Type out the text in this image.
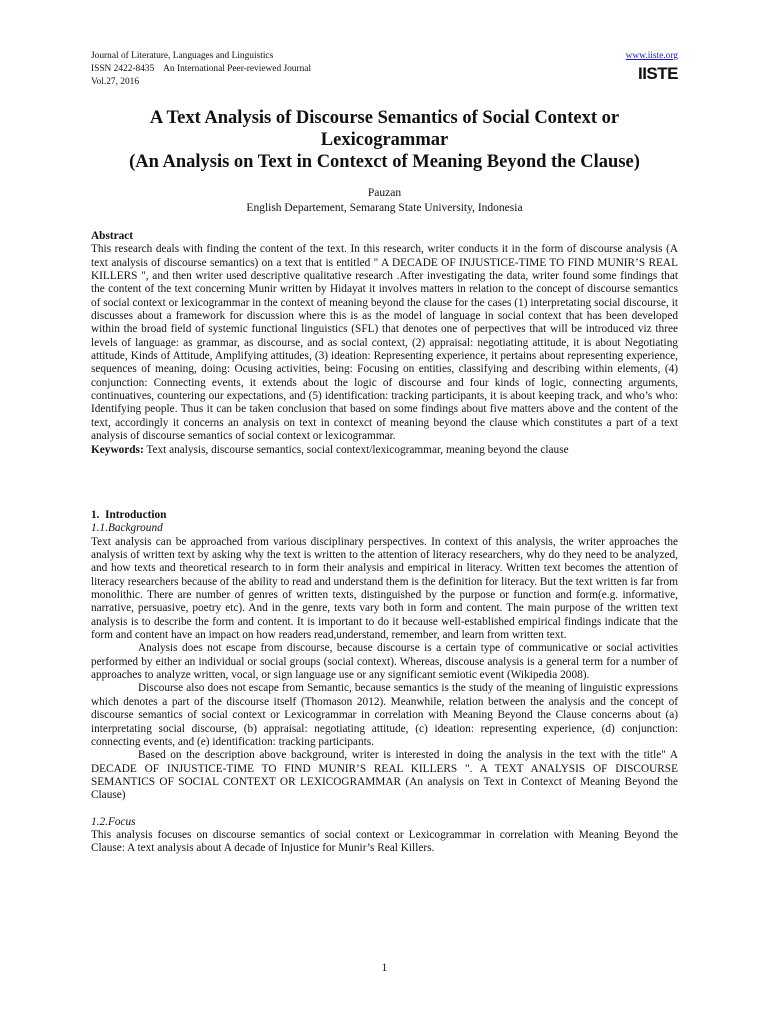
Journal of Literature, Languages and Linguistics
ISSN 2422-8435    An International Peer-reviewed Journal
Vol.27, 2016
www.iiste.org
IISTE
A Text Analysis of Discourse Semantics of Social Context or
Lexicogrammar
(An Analysis on Text in Contexct of Meaning Beyond the Clause)
Pauzan
English Departement, Semarang State University, Indonesia
Abstract

This research deals with finding the content of the text. In this research, writer conducts it in the form of discourse analysis (A text analysis of discourse semantics) on a text that is entitled " A DECADE OF INJUSTICE-TIME TO FIND MUNIR’S REAL KILLERS ", and then writer used descriptive qualitative research .After investigating the data, writer found some findings that the content of the text concerning Munir written by Hidayat it involves matters in relation to the concept of discourse semantics of social context or lexicogrammar in the context of meaning beyond the clause for the cases (1) interpretating social discourse, it discusses about a framework for discussion where this is as the model of language in social context that has been developed within the broad field of systemic functional linguistics (SFL) that denotes one of perpectives that will be introduced viz three levels of language: as grammar, as discourse, and as social context, (2) appraisal: negotiating attitude, it is about Negotiating attitude, Kinds of Attitude, Amplifying attitudes, (3) ideation: Representing experience, it pertains about representing experience, sequences of meaning, doing: Ocusing activities, being: Focusing on entities, classifying and describing within elements, (4) conjunction: Connecting events, it extends about the logic of discourse and four kinds of logic, connecting arguments, continuatives, countering our expectations, and (5) identification: tracking participants, it is about keeping track, and who’s who: Identifying people. Thus it can be taken conclusion that based on some findings about five matters above and the content of the text, accordingly it concerns an analysis on text in contexct of meaning beyond the clause which constitutes a part of a text analysis of discourse semantics of social context or lexicogrammar.

Keywords: Text analysis, discourse semantics, social context/lexicogrammar, meaning beyond the clause

1.  Introduction
1.1.Background

Text analysis can be approached from various disciplinary perspectives. In context of this analysis, the writer approaches the analysis of written text by asking why the text is written to the attention of literacy researchers, why do they need to be analyzed, and how texts and theoretical research to in form their analysis and empirical in literacy. Written text becomes the attention of literacy researchers because of the ability to read and understand them is the definition for literacy. But the text written is far from monolithic. There are number of genres of written texts, distinguished by the purpose or function and form(e.g. informative, narrative, persuasive, poetry etc). And in the genre, texts vary both in form and content. The main purpose of the written text analysis is to describe the form and content. It is important to do it because well-established empirical findings indicate that the form and content have an impact on how readers read,understand, remember, and learn from written text.

Analysis does not escape from discourse, because discourse is a certain type of communicative or social activities performed by either an individual or social groups (social context). Whereas, discouse analysis is a general term for a number of approaches to analyze written, vocal, or sign language use or any significant semiotic event (Wikipedia 2008).

Discourse also does not escape from Semantic, because semantics is the study of the meaning of linguistic expressions which denotes a part of the discourse itself (Thomason 2012). Meanwhile, relation between the analysis and the concept of discourse semantics of social context or Lexicogrammar in correlation with Meaning Beyond the Clause concerns about (a) interpretating social discourse, (b) appraisal: negotiating attitude, (c) ideation: representing experience, (d) conjunction: connecting events, and (e) identification: tracking participants.

Based on the description above background, writer is interested in doing the analysis in the text with the title" A DECADE OF INJUSTICE-TIME TO FIND MUNIR’S REAL KILLERS ". A TEXT ANALYSIS OF DISCOURSE SEMANTICS OF SOCIAL CONTEXT OR LEXICOGRAMMAR (An analysis on Text in Contexct of Meaning Beyond the Clause)

1.2.Focus

This analysis focuses on discourse semantics of social context or Lexicogrammar in correlation with Meaning Beyond the Clause: A text analysis about A decade of Injustice for Munir’s Real Killers.

1
